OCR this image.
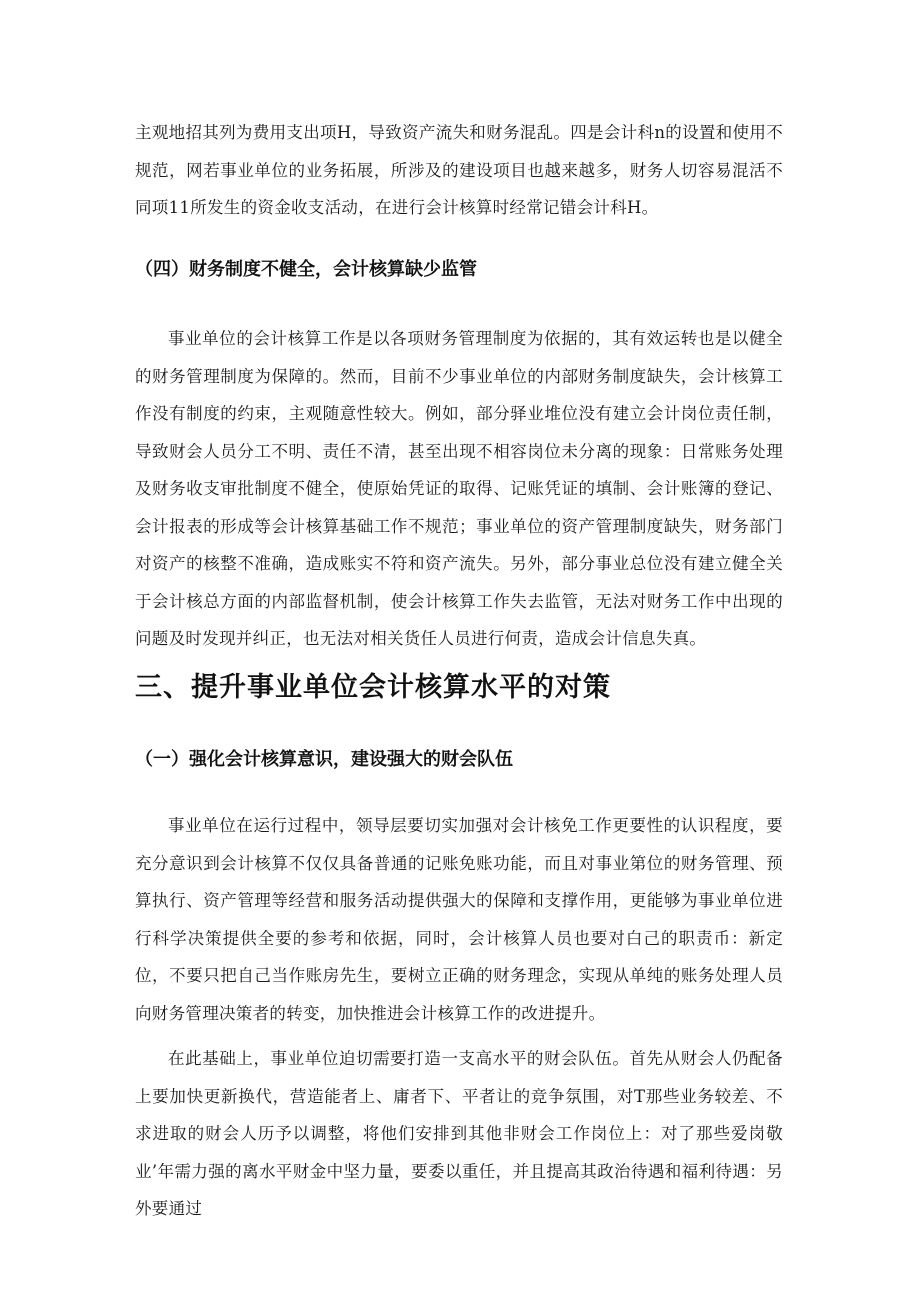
主观地招其列为费用支出项H，导致资产流失和财务混乱。四是会计科n的设置和使用不规范，网若事业单位的业务拓展，所涉及的建设项目也越来越多，财务人切容易混活不同项11所发生的资金收支活动，在进行会计核算时经常记错会计科H。

（四）财务制度不健全，会计核算缺少监管

事业单位的会计核算工作是以各项财务管理制度为依据的，其有效运转也是以健全的财务管理制度为保障的。然而，目前不少事业单位的内部财务制度缺失，会计核算工作没有制度的约束，主观随意性较大。例如，部分驿业堆位没有建立会计岗位责任制，导致财会人员分工不明、责任不清，甚至出现不相容岗位未分离的现象：日常账务处理及财务收支审批制度不健全，使原始凭证的取得、记账凭证的填制、会计账簿的登记、会计报表的形成等会计核算基础工作不规范；事业单位的资产管理制度缺失，财务部门对资产的核整不准确，造成账实不符和资产流失。另外，部分事业总位没有建立健全关于会计核总方面的内部监督机制，使会计核算工作失去监管，无法对财务工作中出现的问题及时发现并纠正，也无法对相关货任人员进行何责，造成会计信息失真。

三、提升事业单位会计核算水平的对策
（一）强化会计核算意识，建设强大的财会队伍

事业单位在运行过程中，领导层要切实加强对会计核免工作更要性的认识程度，要充分意识到会计核算不仅仅具备普通的记账免账功能，而且对事业第位的财务管理、预算执行、资产管理等经营和服务活动提供强大的保障和支撑作用，更能够为事业单位进行科学决策提供全要的参考和依据，同时，会计核算人员也要对白己的职责币：新定位，不要只把自己当作账房先生，要树立正确的财务理念，实现从单纯的账务处理人员向财务管理决策者的转变，加快推进会计核算工作的改进提升。

在此基础上，事业单位迫切需要打造一支高水平的财会队伍。首先从财会人仍配备上要加快更新换代，营造能者上、庸者下、平者让的竞争氛围，对T那些业务较差、不求进取的财会人历予以调整，将他们安排到其他非财会工作岗位上：对了那些爱岗敬业’年需力强的离水平财金中坚力量，要委以重任，并且提高其政治待遇和福利待遇：另外要通过
